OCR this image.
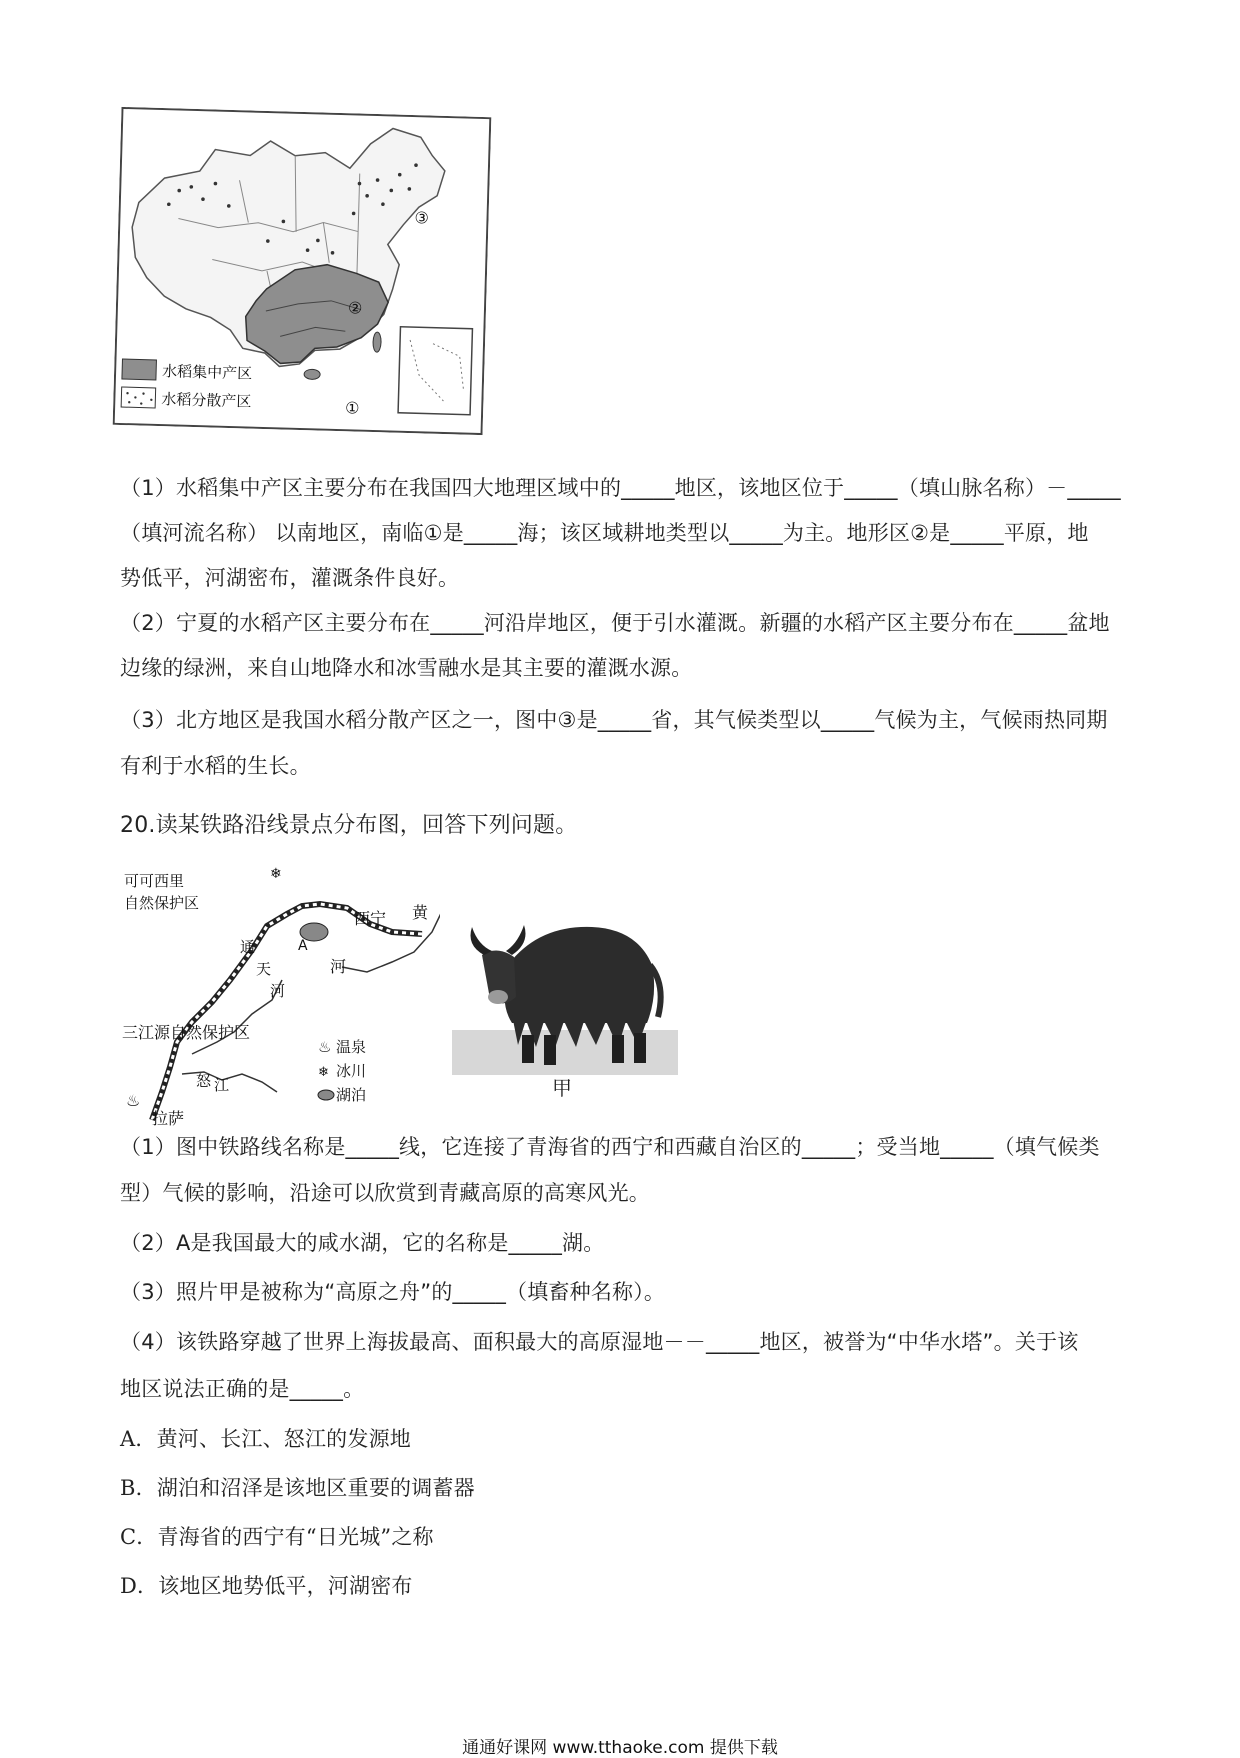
②
①
③
水稻集中产区
水稻分散产区
（1）水稻集中产区主要分布在我国四大地理区域中的_____地区，该地区位于_____（填山脉名称）－_____
（填河流名称） 以南地区，南临①是_____海；该区域耕地类型以_____为主。地形区②是_____平原，地
势低平，河湖密布，灌溉条件良好。
（2）宁夏的水稻产区主要分布在_____河沿岸地区，便于引水灌溉。新疆的水稻产区主要分布在_____盆地
边缘的绿洲，来自山地降水和冰雪融水是其主要的灌溉水源。
（3）北方地区是我国水稻分散产区之一，图中③是_____省，其气候类型以_____气候为主，气候雨热同期
有利于水稻的生长。
20.读某铁路沿线景点分布图，回答下列问题。
可可西里
自然保护区
西宁 黄
河
A
通
天
河
三江源自然保护区
怒 江
拉萨
♨
❄
♨ 温泉
❄ 冰川
湖泊	甲
（1）图中铁路线名称是_____线，它连接了青海省的西宁和西藏自治区的_____；受当地_____（填气候类
型）气候的影响，沿途可以欣赏到青藏高原的高寒风光。
（2）A是我国最大的咸水湖，它的名称是_____湖。
（3）照片甲是被称为“高原之舟”的_____（填畜种名称）。
（4）该铁路穿越了世界上海拔最高、面积最大的高原湿地－－_____地区，被誉为“中华水塔”。关于该
地区说法正确的是_____。
A．黄河、长江、怒江的发源地
B．湖泊和沼泽是该地区重要的调蓄器
C．青海省的西宁有“日光城”之称
D．该地区地势低平，河湖密布
通通好课网 www.tthaoke.com 提供下载
